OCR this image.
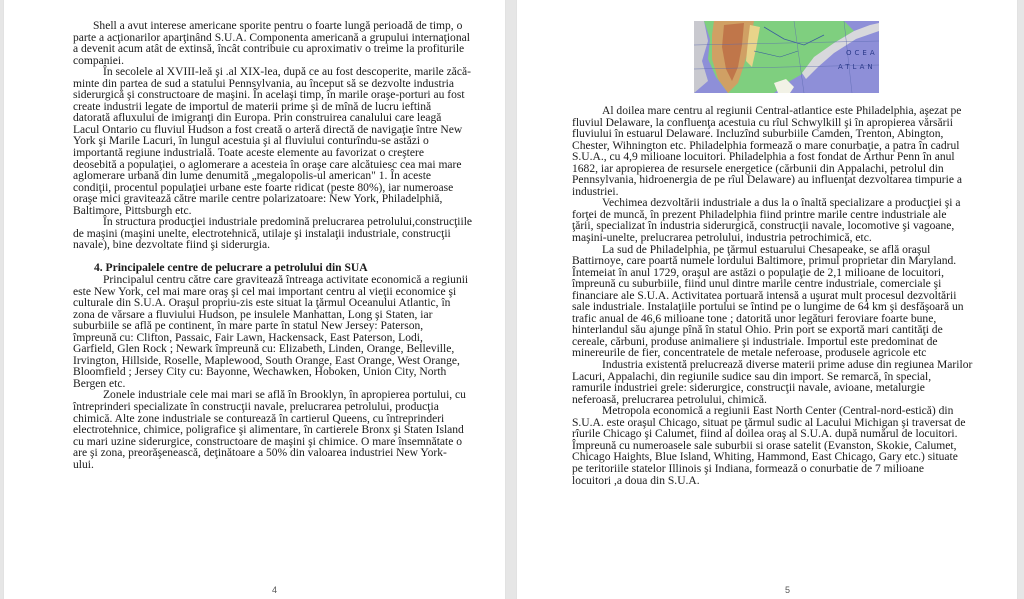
Shell a avut interese americane sporite pentru o foarte lungă perioadă de timp, o
parte a acţionarilor aparţinând S.U.A. Componenta americană a grupului internaţional
a devenit acum atât de extinsă, încât contribuie cu aproximativ o treime la profiturile
companiei.
În secolele al XVIII-leă şi .al XIX-lea, după ce au fost descoperite, marile zăcă-
minte din partea de sud a statului Pennsylvania, au început să se dezvolte industria
siderurgică şi constructoare de maşini. În acelaşi timp, în marile oraşe-porturi au fost
create industrii legate de importul de materii prime şi de mînă de lucru ieftină
datorată afluxului de imigranţi din Europa. Prin construirea canalului care leagă
Lacul Ontario cu fluviul Hudson a fost creată o arteră directă de navigaţie între New
York şi Marile Lacuri, în lungul acestuia şi al fluviului conturîndu-se astăzi o
importantă regiune industrială. Toate aceste elemente au favorizat o creştere
deosebită a populaţiei, o aglomerare a acesteia în oraşe care alcătuiesc cea mai mare
aglomerare urbană din lume denumită „megalopolis-ul american" 1. În aceste
condiţii, procentul populaţiei urbane este foarte ridicat (peste 80%), iar numeroase
oraşe mici gravitează către marile centre polarizatoare: New York, Philadelphiă,
Baltimore, Pittsburgh etc.
În structura producţiei industriale predomină prelucrarea petrolului,construcţiile
de maşini (maşini unelte, electrotehnică, utilaje şi instalaţii industriale, construcţii
navale), bine dezvoltate fiind şi siderurgia.
4. Principalele centre de pelucrare a petrolului din SUA
Principalul centru către care gravitează întreaga activitate economică a regiunii
este New York, cel mai mare oraş şi cel mai important centru al vieţii economice şi
culturale din S.U.A. Oraşul propriu-zis este situat la ţărmul Oceanului Atlantic, în
zona de vărsare a fluviului Hudson, pe insulele Manhattan, Long şi Staten, iar
suburbiile se află pe continent, în mare parte în statul New Jersey: Paterson,
împreună cu: Clifton, Passaic, Fair Lawn, Hackensack, East Paterson, Lodi,
Garfield, Glen Rock ; Newark împreună cu: Elizabeth, Linden, Orange, Belleville,
Irvington, Hillside, Roselle, Maplewood, South Orange, East Orange, West Orange,
Bloomfield ; Jersey City cu: Bayonne, Wechawken, Hoboken, Union City, North
Bergen etc.
Zonele industriale cele mai mari se află în Brooklyn, în apropierea portului, cu
întreprinderi specializate în construcţii navale, prelucrarea petrolului, producţia
chimică. Alte zone industriale se conturează în cartierul Queens, cu întreprinderi
electrotehnice, chimice, poligrafice şi alimentare, în cartierele Bronx şi Staten Island
cu mari uzine siderurgice, constructoare de maşini şi chimice. O mare însemnătate o
are şi zona, preorăşenească, deţinătoare a 50% din valoarea industriei New York-
ului.
4
OCEA
ATLAN
Al doilea mare centru al regiunii Central-atlantice este Philadelphia, aşezat pe
fluviul Delaware, la confluenţa acestuia cu rîul Schwylkill şi în apropierea vărsării
fluviului în estuarul Delaware. Incluzînd suburbiile Camden, Trenton, Abington,
Chester, Wihnington etc. Philadelphia formează o mare conurbaţie, a patra în cadrul
S.U.A., cu 4,9 milioane locuitori. Philadelphia a fost fondat de Arthur Penn în anul
1682, iar apropierea de resursele energetice (cărbunii din Appalachi, petrolul din
Pennsylvania, hidroenergia de pe rîul Delaware) au influenţat dezvoltarea timpurie a
industriei.
Vechimea dezvoltării industriale a dus la o înaltă specializare a producţiei şi a
forţei de muncă, în prezent Philadelphia fiind printre marile centre industriale ale
ţării, specializat în industria siderurgică, construcţii navale, locomotive şi vagoane,
maşini-unelte, prelucrarea petrolului, industria petrochimică, etc.
La sud de Philadelphia, pe ţărmul estuarului Chesapeake, se află oraşul
Battirnoye, care poartă numele lordului Baltimore, primul proprietar din Maryland.
Întemeiat în anul 1729, oraşul are astăzi o populaţie de 2,1 milioane de locuitori,
împreună cu suburbiile, fiind unul dintre marile centre industriale, comerciale şi
financiare ale S.U.A. Activitatea portuară intensă a uşurat mult procesul dezvoltării
sale industriale. Instalaţiile portului se întind pe o lungime de 64 km şi desfăşoară un
trafic anual de 46,6 milioane tone ; datorită unor legături feroviare foarte bune,
hinterlandul său ajunge pînă în statul Ohio. Prin port se exportă mari cantităţi de
cereale, cărbuni, produse animaliere şi industriale. Importul este predominat de
minereurile de fier, concentratele de metale neferoase, produsele agricole etc
Industria existentă prelucrează diverse materii prime aduse din regiunea Marilor
Lacuri, Appalachi, din regiunile sudice sau din import. Se remarcă, în special,
ramurile industriei grele: siderurgice, construcţii navale, avioane, metalurgie
neferoasă, prelucrarea petrolului, chimică.
Metropola economică a regiunii East North Center (Central-nord-estică) din
S.U.A. este oraşul Chicago, situat pe ţărmul sudic al Lacului Michigan şi traversat de
rîurile Chicago şi Calumet, fiind al doilea oraş al S.U.A. după numărul de locuitori.
Împreună cu numeroasele sale suburbii si orase satelit (Evanston, Skokie, Calumet,
Chicago Haights, Blue Island, Whiting, Hammond, East Chicago, Gary etc.) situate
pe teritoriile statelor Illinois şi Indiana, formează o conurbatie de 7 milioane
locuitori ,a doua din S.U.A.
5
